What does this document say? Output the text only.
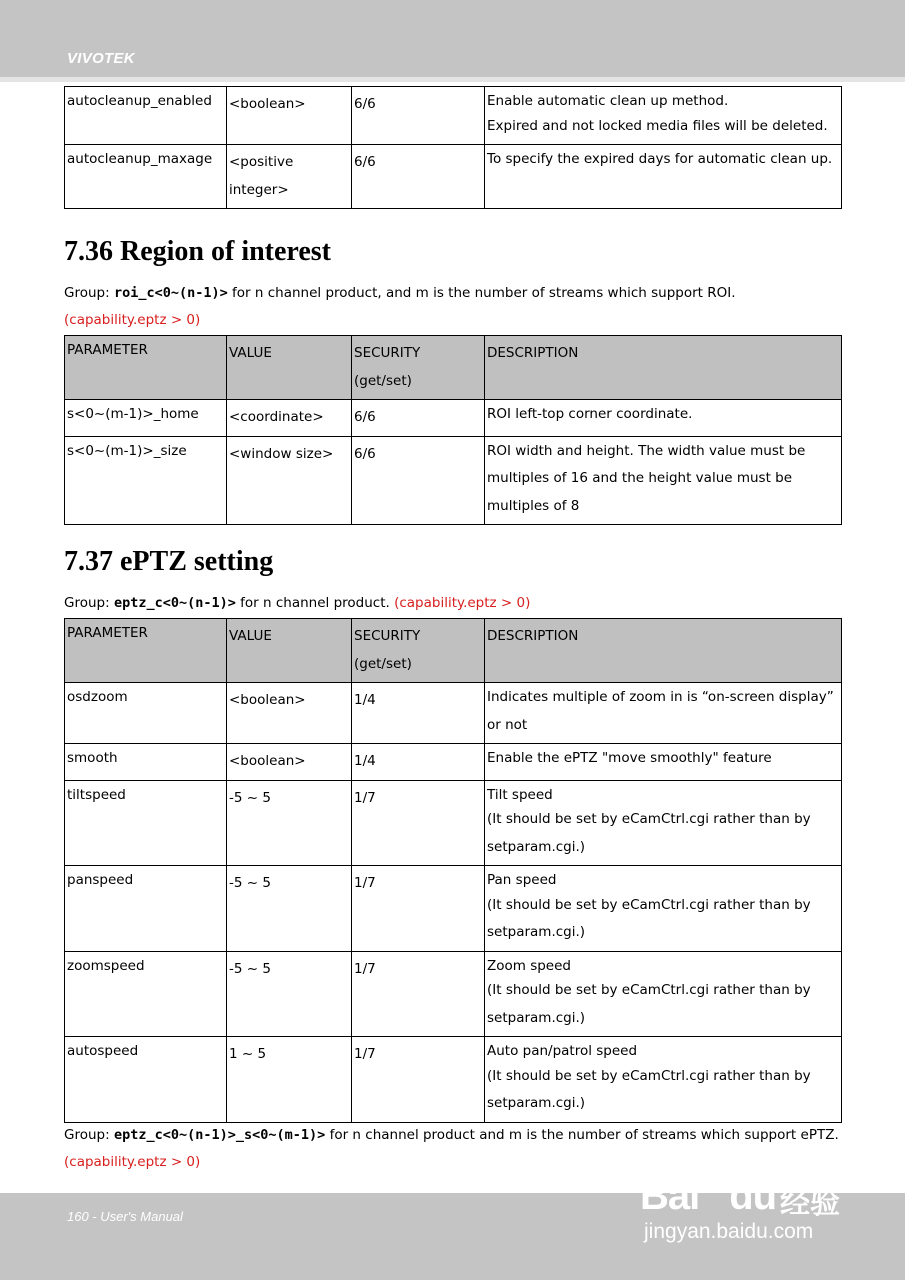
VIVOTEK
autocleanup_enabled	<boolean>	6/6	Enable automatic clean up method.
Expired and not locked media files will be deleted.

autocleanup_maxage	<positive integer>	6/6	To specify the expired days for automatic clean up.
7.36 Region of interest
Group: roi_c<0~(n-1)> for n channel product, and m is the number of streams which support ROI.
(capability.eptz > 0)
PARAMETER	VALUE	SECURITY (get/set)	DESCRIPTION
s<0~(m-1)>_home	<coordinate>	6/6	ROI left-top corner coordinate.

s<0~(m-1)>_size	<window size>	6/6	ROI width and height. The width value must be multiples of 16 and the height value must be multiples of 8
7.37 ePTZ setting
Group: eptz_c<0~(n-1)> for n channel product. (capability.eptz > 0)
PARAMETER	VALUE	SECURITY (get/set)	DESCRIPTION
osdzoom	<boolean>	1/4	Indicates multiple of zoom in is “on-screen display” or not

smooth	<boolean>	1/4	Enable the ePTZ "move smoothly" feature

tiltspeed	-5 ~ 5	1/7	Tilt speed
(It should be set by eCamCtrl.cgi rather than by setparam.cgi.)

panspeed	-5 ~ 5	1/7	Pan speed
(It should be set by eCamCtrl.cgi rather than by setparam.cgi.)

zoomspeed	-5 ~ 5	1/7	Zoom speed
(It should be set by eCamCtrl.cgi rather than by setparam.cgi.)

autospeed	1 ~ 5	1/7	Auto pan/patrol speed
(It should be set by eCamCtrl.cgi rather than by setparam.cgi.)
Group: eptz_c<0~(n-1)>_s<0~(m-1)> for n channel product and m is the number of streams which support ePTZ. (capability.eptz > 0)
160 - User's Manual	Bai du 经验
jingyan.baidu.com
